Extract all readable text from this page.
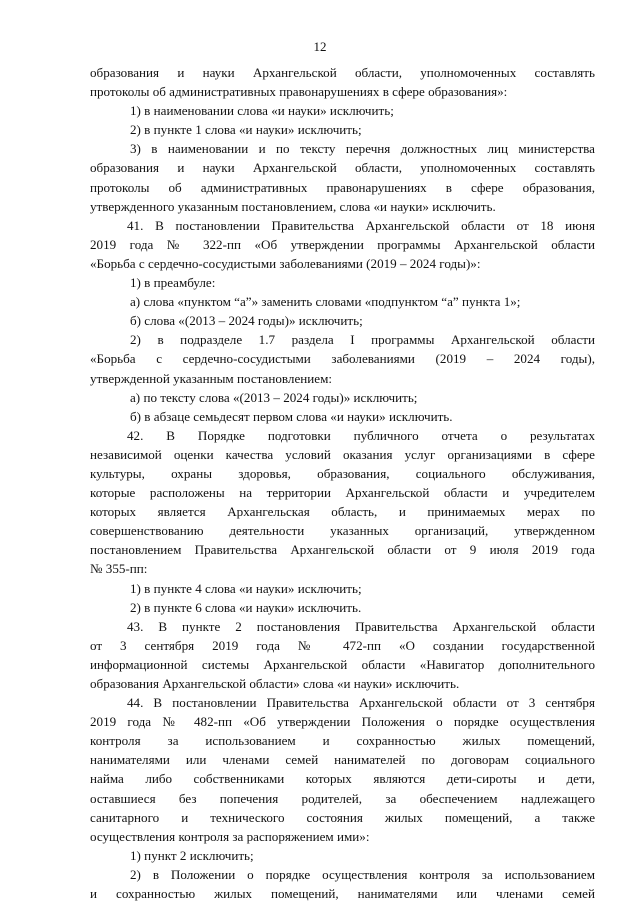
12
образования и науки Архангельской области, уполномоченных составлять
протоколы об административных правонарушениях в сфере образования»:
1) в наименовании слова «и науки» исключить;
2) в пункте 1 слова «и науки» исключить;
3) в наименовании и по тексту перечня должностных лиц министерства
образования и науки Архангельской области, уполномоченных составлять
протоколы об административных правонарушениях в сфере образования,
утвержденного указанным постановлением, слова «и науки» исключить.
41. В постановлении Правительства Архангельской области от 18 июня
2019 года № 322-пп «Об утверждении программы Архангельской области
«Борьба с сердечно-сосудистыми заболеваниями (2019 – 2024 годы)»:
1) в преамбуле:
а) слова «пунктом “а”» заменить словами «подпунктом “а” пункта 1»;
б) слова «(2013 – 2024 годы)» исключить;
2) в подразделе 1.7 раздела I программы Архангельской области
«Борьба с сердечно-сосудистыми заболеваниями (2019 – 2024 годы),
утвержденной указанным постановлением:
а) по тексту слова «(2013 – 2024 годы)» исключить;
б) в абзаце семьдесят первом слова «и науки» исключить.
42. В Порядке подготовки публичного отчета о результатах
независимой оценки качества условий оказания услуг организациями в сфере
культуры, охраны здоровья, образования, социального обслуживания,
которые расположены на территории Архангельской области и учредителем
которых является Архангельская область, и принимаемых мерах по
совершенствованию деятельности указанных организаций, утвержденном
постановлением Правительства Архангельской области от 9 июля 2019 года
№ 355-пп:
1) в пункте 4 слова «и науки» исключить;
2) в пункте 6 слова «и науки» исключить.
43. В пункте 2 постановления Правительства Архангельской области
от 3 сентября 2019 года № 472-пп «О создании государственной
информационной системы Архангельской области «Навигатор дополнительного
образования Архангельской области» слова «и науки» исключить.
44. В постановлении Правительства Архангельской области от 3 сентября
2019 года № 482-пп «Об утверждении Положения о порядке осуществления
контроля за использованием и сохранностью жилых помещений,
нанимателями или членами семей нанимателей по договорам социального
найма либо собственниками которых являются дети-сироты и дети,
оставшиеся без попечения родителей, за обеспечением надлежащего
санитарного и технического состояния жилых помещений, а также
осуществления контроля за распоряжением ими»:
1) пункт 2 исключить;
2) в Положении о порядке осуществления контроля за использованием
и сохранностью жилых помещений, нанимателями или членами семей
